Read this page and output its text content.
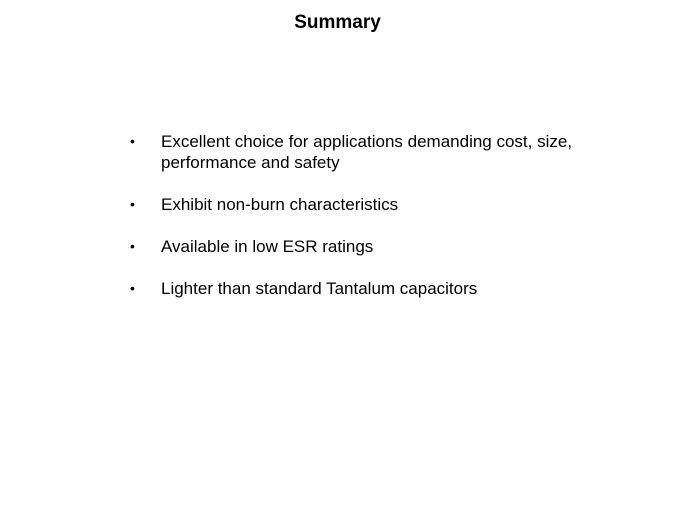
Summary
•	Excellent choice for applications demanding cost, size, performance and safety
•	Exhibit non-burn characteristics
•	Available in low ESR ratings
•	Lighter than standard Tantalum capacitors
